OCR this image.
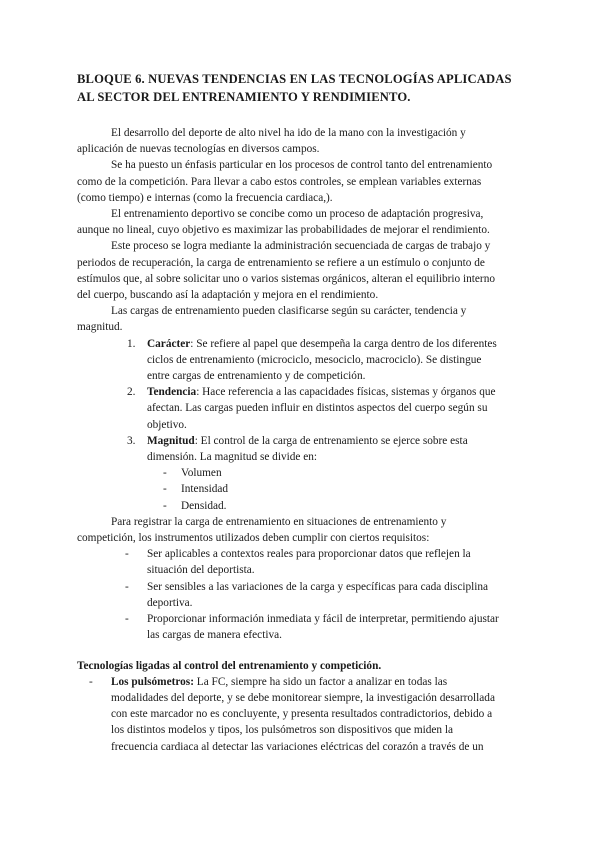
BLOQUE 6. NUEVAS TENDENCIAS EN LAS TECNOLOGÍAS APLICADAS
AL SECTOR DEL ENTRENAMIENTO Y RENDIMIENTO.

El desarrollo del deporte de alto nivel ha ido de la mano con la investigación y
aplicación de nuevas tecnologías en diversos campos.

Se ha puesto un énfasis particular en los procesos de control tanto del entrenamiento
como de la competición. Para llevar a cabo estos controles, se emplean variables externas
(como tiempo) e internas (como la frecuencia cardiaca,).

El entrenamiento deportivo se concibe como un proceso de adaptación progresiva,
aunque no lineal, cuyo objetivo es maximizar las probabilidades de mejorar el rendimiento.

Este proceso se logra mediante la administración secuenciada de cargas de trabajo y
periodos de recuperación, la carga de entrenamiento se refiere a un estímulo o conjunto de
estímulos que, al sobre solicitar uno o varios sistemas orgánicos, alteran el equilibrio interno
del cuerpo, buscando así la adaptación y mejora en el rendimiento.

Las cargas de entrenamiento pueden clasificarse según su carácter, tendencia y
magnitud.

1. Carácter: Se refiere al papel que desempeña la carga dentro de los diferentes
ciclos de entrenamiento (microciclo, mesociclo, macrociclo). Se distingue
entre cargas de entrenamiento y de competición.
2. Tendencia: Hace referencia a las capacidades físicas, sistemas y órganos que
afectan. Las cargas pueden influir en distintos aspectos del cuerpo según su
objetivo.
3. Magnitud: El control de la carga de entrenamiento se ejerce sobre esta
dimensión. La magnitud se divide en:
- Volumen
- Intensidad
- Densidad.

Para registrar la carga de entrenamiento en situaciones de entrenamiento y
competición, los instrumentos utilizados deben cumplir con ciertos requisitos:

- Ser aplicables a contextos reales para proporcionar datos que reflejen la
situación del deportista.
- Ser sensibles a las variaciones de la carga y específicas para cada disciplina
deportiva.
- Proporcionar información inmediata y fácil de interpretar, permitiendo ajustar
las cargas de manera efectiva.
Tecnologías ligadas al control del entrenamiento y competición.
- Los pulsómetros: La FC, siempre ha sido un factor a analizar en todas las
modalidades del deporte, y se debe monitorear siempre, la investigación desarrollada
con este marcador no es concluyente, y presenta resultados contradictorios, debido a
los distintos modelos y tipos, los pulsómetros son dispositivos que miden la
frecuencia cardiaca al detectar las variaciones eléctricas del corazón a través de un
